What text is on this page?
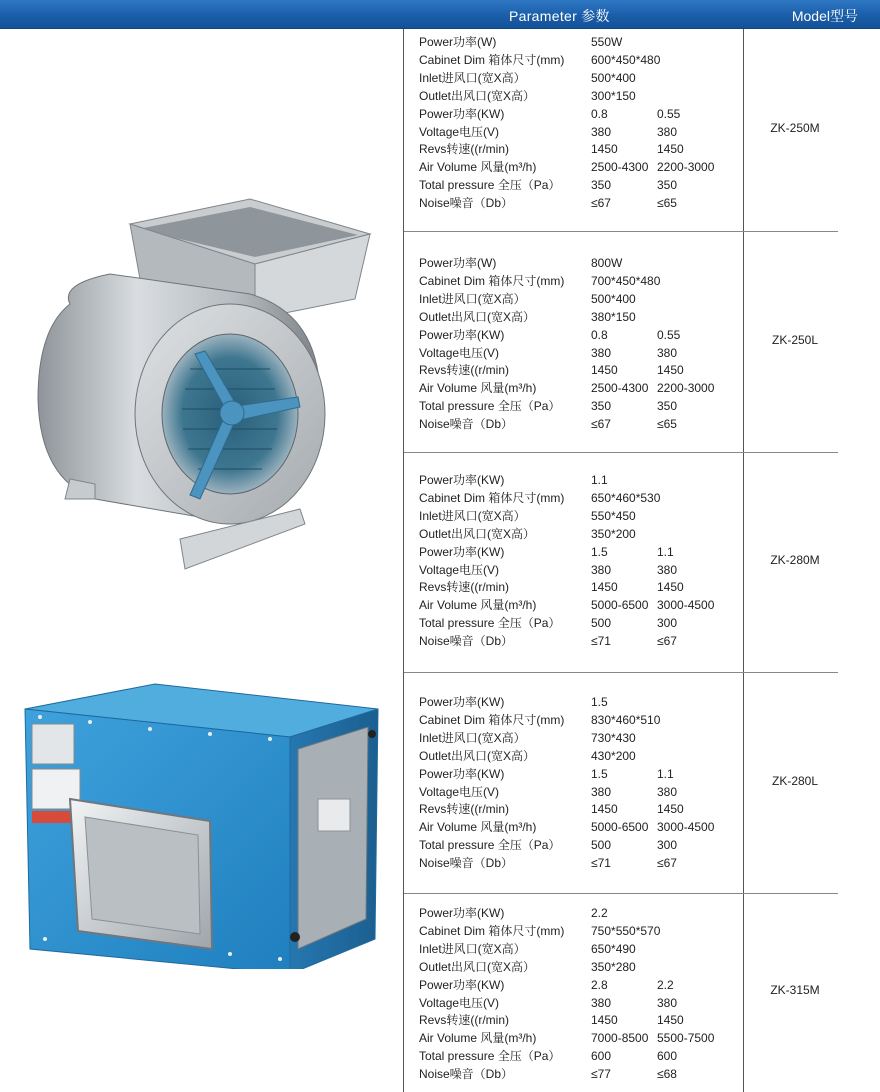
Parameter 参数	Model型号
Power功率(W)	550W
Cabinet Dim 箱体尺寸(mm)	600*450*480
Inlet进风口(宽X高）	500*400
Outlet出风口(宽X高）	300*150
Power功率(KW)	0.8	0.55
Voltage电压(V)	380	380
Revs转速((r/min)	1450	1450
Air Volume 风量(m³/h)	2500-4300 2200-3000
Total pressure 全压（Pa）	350	350
Noise噪音（Db）	≤67	≤65
ZK-250M
Power功率(W)	800W
Cabinet Dim 箱体尺寸(mm)	700*450*480
Inlet进风口(宽X高）	500*400
Outlet出风口(宽X高）	380*150
Power功率(KW)	0.8	0.55
Voltage电压(V)	380	380
Revs转速((r/min)	1450	1450
Air Volume 风量(m³/h)	2500-4300 2200-3000
Total pressure 全压（Pa）	350	350
Noise噪音（Db）	≤67	≤65
ZK-250L
Power功率(KW)	1.1
Cabinet Dim 箱体尺寸(mm)	650*460*530
Inlet进风口(宽X高）	550*450
Outlet出风口(宽X高）	350*200
Power功率(KW)	1.5	1.1
Voltage电压(V)	380	380
Revs转速((r/min)	1450	1450
Air Volume 风量(m³/h)	5000-6500 3000-4500
Total pressure 全压（Pa）	500	300
Noise噪音（Db）	≤71	≤67
ZK-280M
Power功率(KW)	1.5
Cabinet Dim 箱体尺寸(mm)	830*460*510
Inlet进风口(宽X高）	730*430
Outlet出风口(宽X高）	430*200
Power功率(KW)	1.5	1.1
Voltage电压(V)	380	380
Revs转速((r/min)	1450	1450
Air Volume 风量(m³/h)	5000-6500 3000-4500
Total pressure 全压（Pa）	500	300
Noise噪音（Db）	≤71	≤67
ZK-280L
Power功率(KW)	2.2
Cabinet Dim 箱体尺寸(mm)	750*550*570
Inlet进风口(宽X高）	650*490
Outlet出风口(宽X高）	350*280
Power功率(KW)	2.8	2.2
Voltage电压(V)	380	380
Revs转速((r/min)	1450	1450
Air Volume 风量(m³/h)	7000-8500 5500-7500
Total pressure 全压（Pa）	600	600
Noise噪音（Db）	≤77	≤68
ZK-315M
